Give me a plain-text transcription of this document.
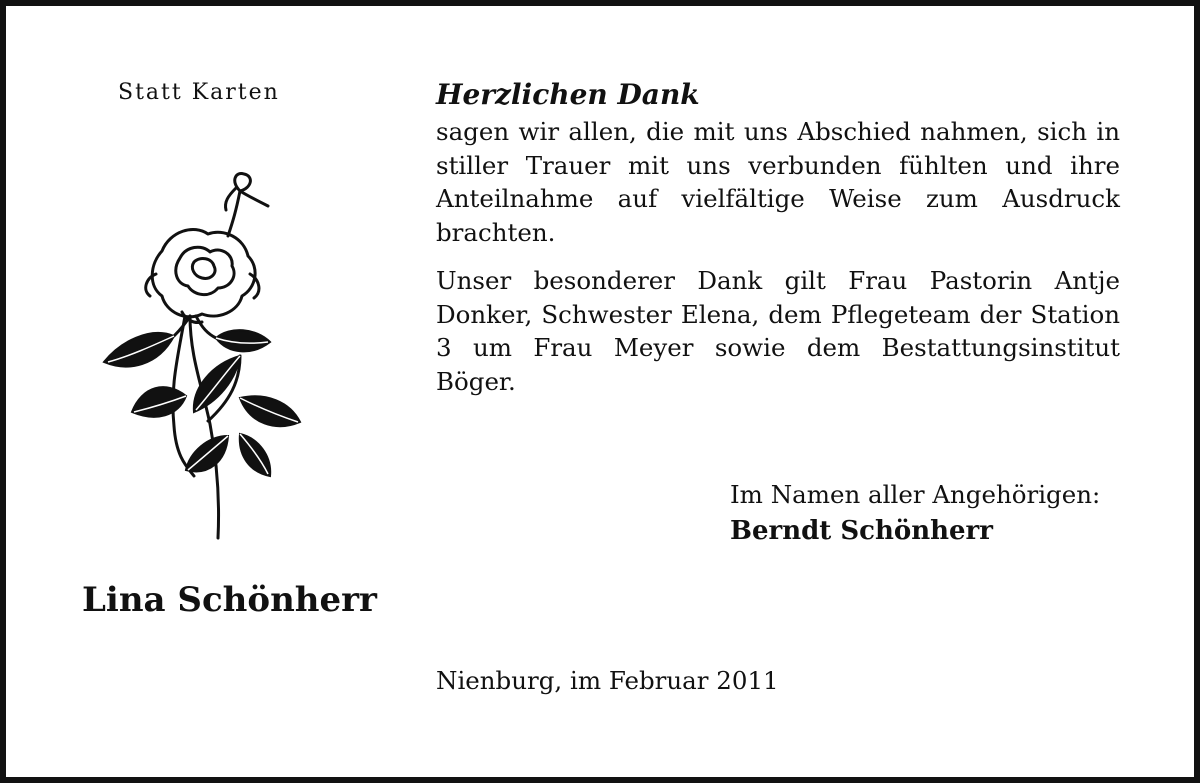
Statt Karten
Lina Schönherr
Herzlichen Dank

sagen wir allen, die mit uns Abschied nahmen, sich in stiller Trauer mit uns verbunden fühlten und ihre Anteilnahme auf vielfältige Weise zum Ausdruck brachten.

Unser besonderer Dank gilt Frau Pastorin Antje Donker, Schwester Elena, dem Pflegeteam der Station 3 um Frau Meyer sowie dem Bestattungsinstitut Böger.

Im Namen aller Angehörigen:
Berndt Schönherr
Nienburg, im Februar 2011
